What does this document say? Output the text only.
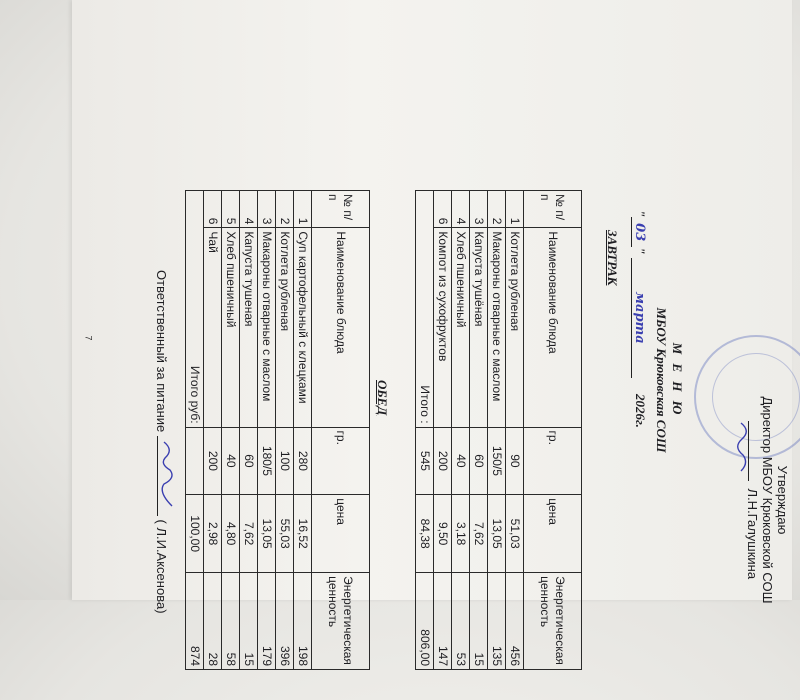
7
Утверждаю
Директор МБОУ Крюковской СОШ
Л.Н.Галушкина
М Е Н Ю
МБОУ Крюковская СОШ
"03" марта     2026г.
ЗАВТРАК
№ п/п	Наименование блюда	гр.	цена	Энергетическая ценность
1	Котлета рубленая	90	51,03	456
2	Макароны отварные с маслом	150/5	13,05	135
3	Капуста тушёная	60	7,62	15
4	Хлеб пшеничный	40	3,18	53
6	Компот из сухофруктов	200	9,50	147
Итого :		545	84,38	806,00
ОБЕД
№ п/п	Наименование блюда	гр.	цена	Энергетическая ценность
1	Суп картофельный с клецками	280	16,52	198
2	Котлета рубленая	100	55,03	396
3	Макароны отварные с маслом	180/5	13,05	179
4	Капуста тушеная	60	7,62	15
5	Хлеб пшеничный	40	4,80	58
6	Чай	200	2,98	28
Итого руб:			100,00	874
Ответственный за питание
( Л.И.Аксенова)
